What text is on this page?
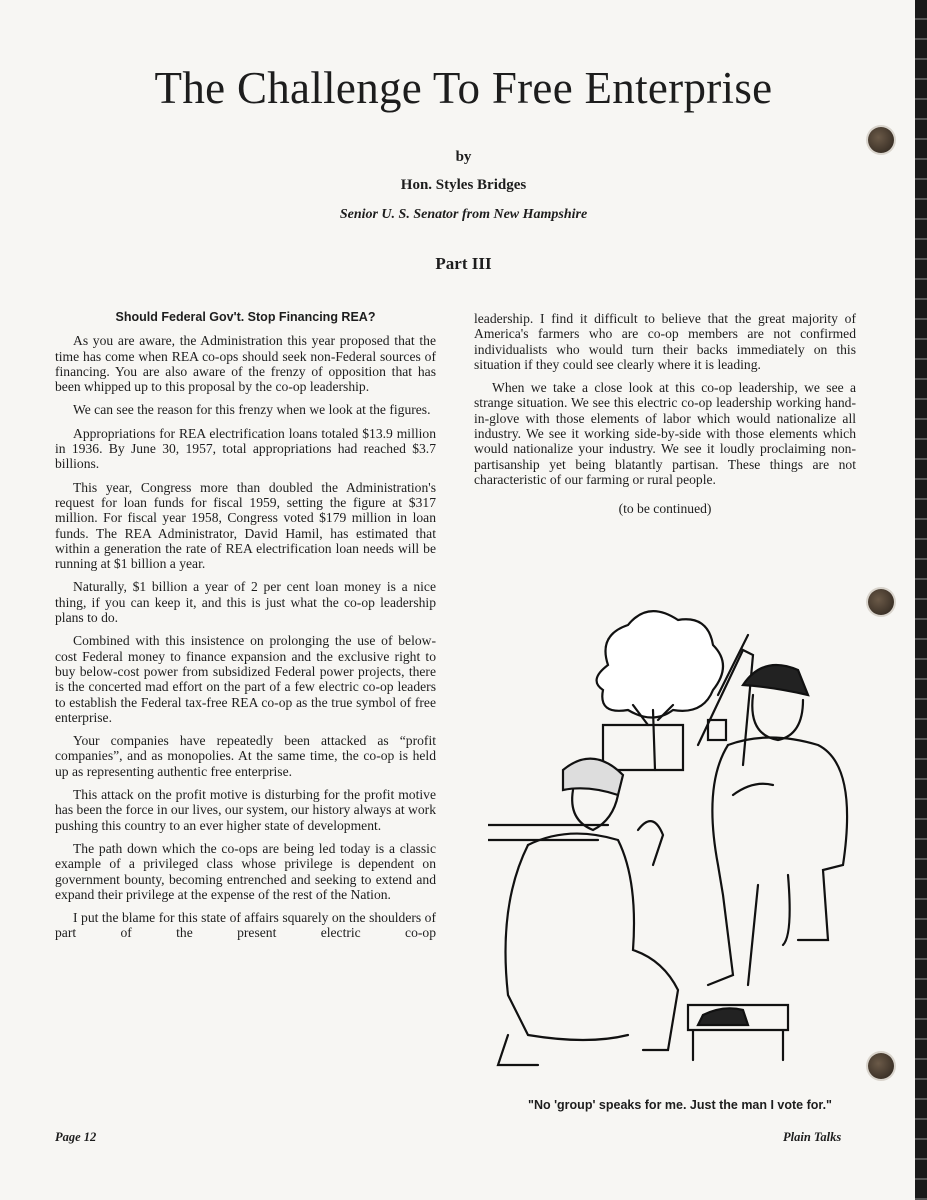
The Challenge To Free Enterprise
by
Hon. Styles Bridges
Senior U. S. Senator from New Hampshire
Part III

Should Federal Gov't. Stop Financing REA?

As you are aware, the Administration this year proposed that the time has come when REA co-ops should seek non-Federal sources of financing. You are also aware of the frenzy of opposition that has been whipped up to this proposal by the co-op leadership.

We can see the reason for this frenzy when we look at the figures.

Appropriations for REA electrification loans totaled $13.9 million in 1936. By June 30, 1957, total appropriations had reached $3.7 billions.

This year, Congress more than doubled the Administration's request for loan funds for fiscal 1959, setting the figure at $317 million. For fiscal year 1958, Congress voted $179 million in loan funds. The REA Administrator, David Hamil, has estimated that within a generation the rate of REA electrification loan needs will be running at $1 billion a year.

Naturally, $1 billion a year of 2 per cent loan money is a nice thing, if you can keep it, and this is just what the co-op leadership plans to do.

Combined with this insistence on prolonging the use of below-cost Federal money to finance expansion and the exclusive right to buy below-cost power from subsidized Federal power projects, there is the concerted mad effort on the part of a few electric co-op leaders to establish the Federal tax-free REA co-op as the true symbol of free enterprise.

Your companies have repeatedly been attacked as “profit companies”, and as monopolies. At the same time, the co-op is held up as representing authentic free enterprise.

This attack on the profit motive is disturbing for the profit motive has been the force in our lives, our system, our history always at work pushing this country to an ever higher state of development.

The path down which the co-ops are being led today is a classic example of a privileged class whose privilege is dependent on government bounty, becoming entrenched and seeking to extend and expand their privilege at the expense of the rest of the Nation.

I put the blame for this state of affairs squarely on the shoulders of part of the present electric co-op

leadership. I find it difficult to believe that the great majority of America's farmers who are co-op members are not confirmed individualists who would turn their backs immediately on this situation if they could see clearly where it is leading.

When we take a close look at this co-op leadership, we see a strange situation. We see this electric co-op leadership working hand-in-glove with those elements of labor which would nationalize all industry. We see it working side-by-side with those elements which would nationalize your industry. We see it loudly proclaiming non-partisanship yet being blatantly partisan. These things are not characteristic of our farming or rural people.

(to be continued)

"No 'group' speaks for me. Just the man I vote for."
Page 12	Plain Talks
